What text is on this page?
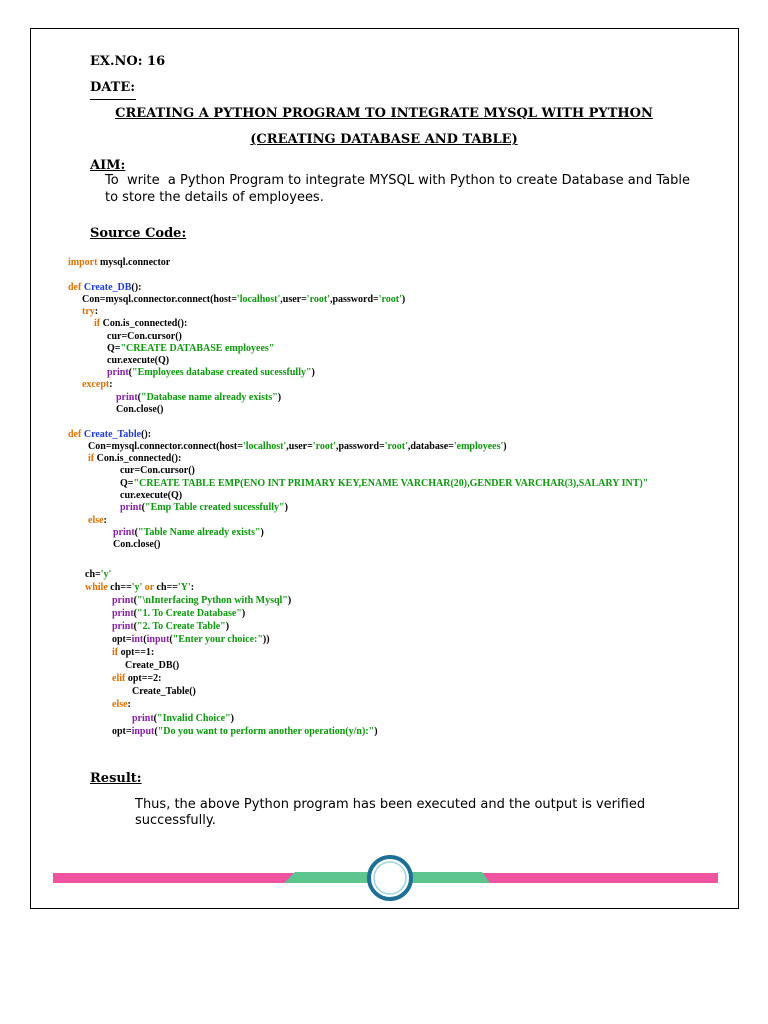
EX.NO: 16
DATE:
CREATING A PYTHON PROGRAM TO INTEGRATE MYSQL WITH PYTHON
(CREATING DATABASE AND TABLE)
AIM:
To  write  a Python Program to integrate MYSQL with Python to create Database and Table
to store the details of employees.
Source Code:
import mysql.connector
def Create_DB():
Con=mysql.connector.connect(host='localhost',user='root',password='root')
try:
if Con.is_connected():
cur=Con.cursor()
Q="CREATE DATABASE employees"
cur.execute(Q)
print("Employees database created sucessfully")
except:
print("Database name already exists")
Con.close()
def Create_Table():
Con=mysql.connector.connect(host='localhost',user='root',password='root',database='employees')
if Con.is_connected():
cur=Con.cursor()
Q="CREATE TABLE EMP(ENO INT PRIMARY KEY,ENAME VARCHAR(20),GENDER VARCHAR(3),SALARY INT)"
cur.execute(Q)
print("Emp Table created sucessfully")
else:
print("Table Name already exists")
Con.close()
ch='y'
while ch=='y' or ch=='Y':
print("\nInterfacing Python with Mysql")
print("1. To Create Database")
print("2. To Create Table")
opt=int(input("Enter your choice:"))
if opt==1:
Create_DB()
elif opt==2:
Create_Table()
else:
print("Invalid Choice")
opt=input("Do you want to perform another operation(y/n):")
Result:
Thus, the above Python program has been executed and the output is verified
successfully.
